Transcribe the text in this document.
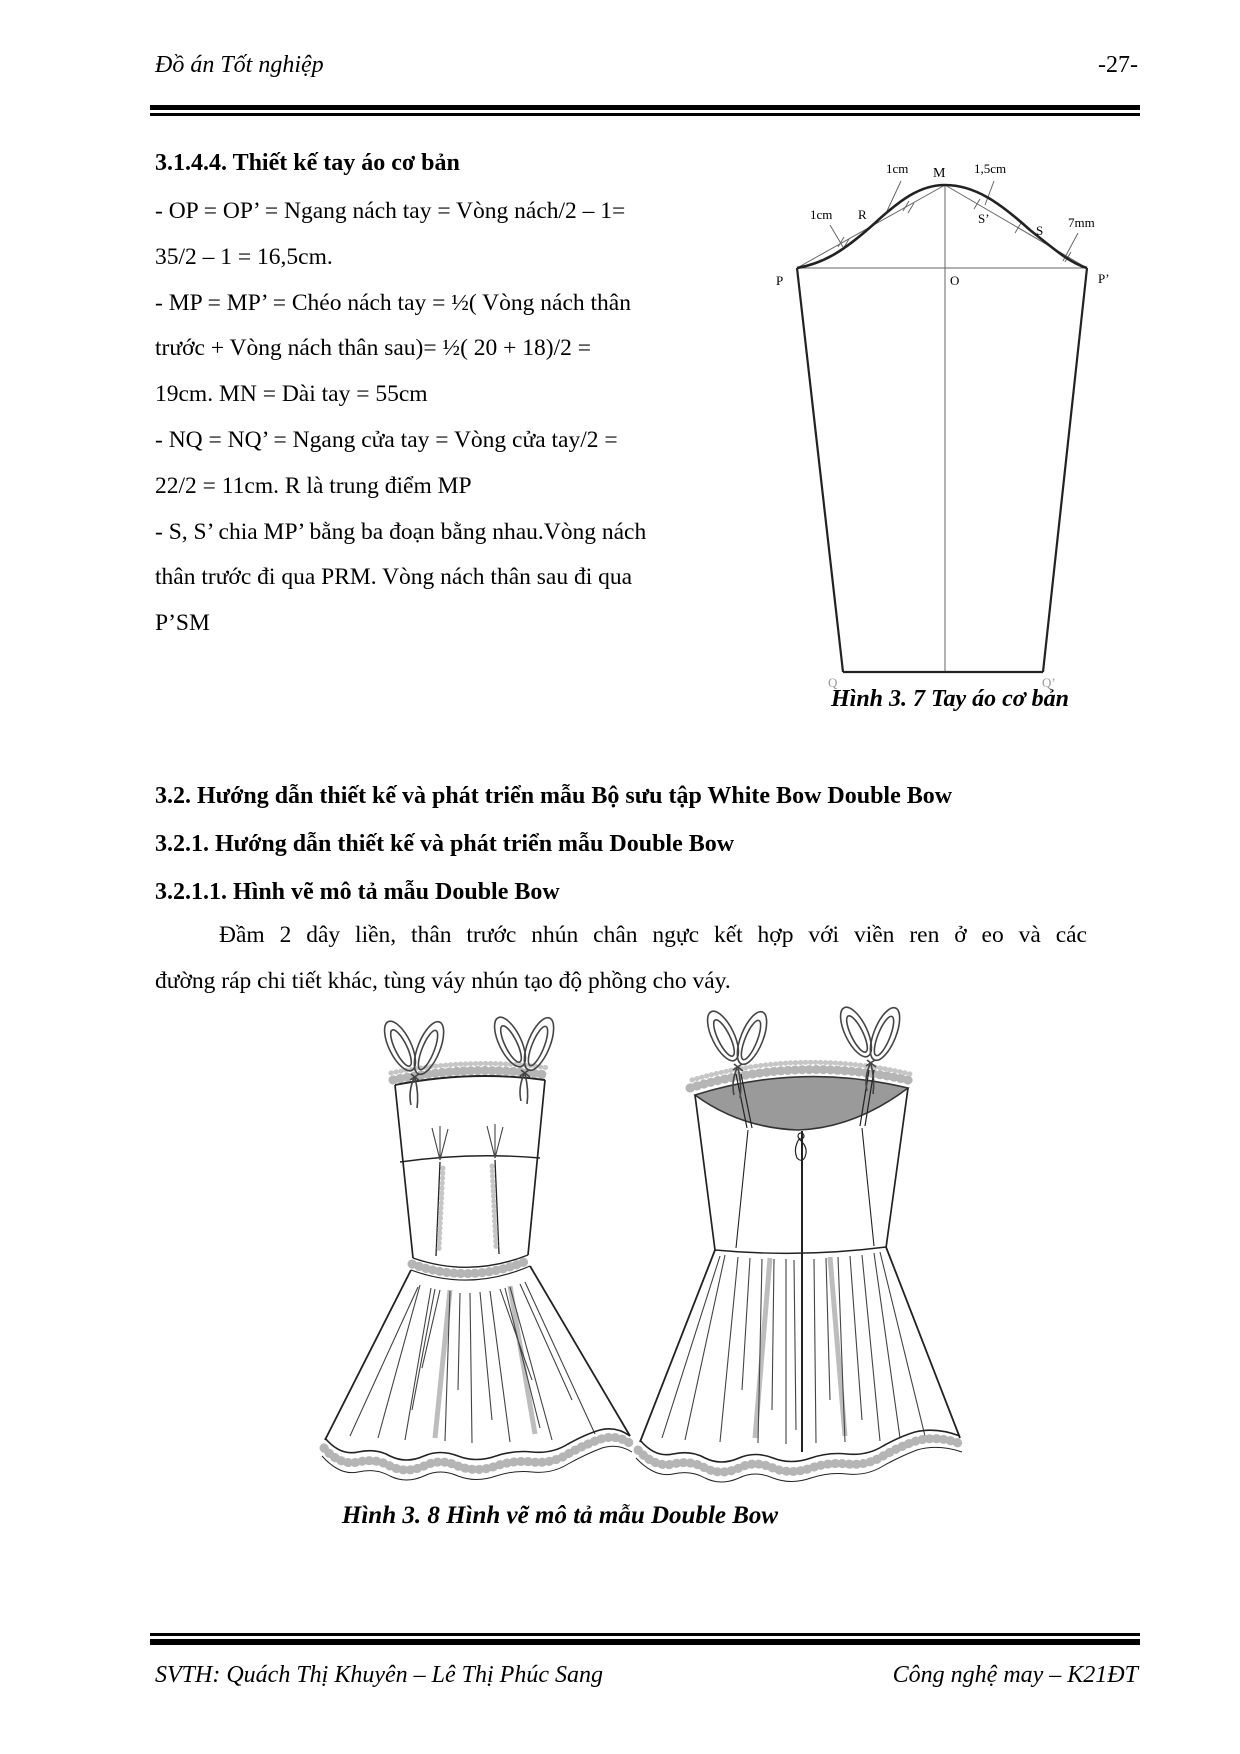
Đồ án Tốt nghiệp	-27-
3.1.4.4. Thiết kế tay áo cơ bản
- OP = OP’ = Ngang nách tay = Vòng nách/2 – 1=
35/2 – 1 = 16,5cm.
- MP = MP’ = Chéo nách tay = ½( Vòng nách thân
trước + Vòng nách thân sau)= ½( 20 + 18)/2 =
19cm. MN = Dài tay = 55cm
- NQ = NQ’ = Ngang cửa tay = Vòng cửa tay/2 =
22/2 = 11cm. R là trung điểm MP
- S, S’ chia MP’ bằng ba đoạn bằng nhau.Vòng nách
thân trước đi qua PRM. Vòng nách thân sau đi qua
P’SM
M
R	S’
S
P	O	P’
Q	Q’
1cm	1,5cm
1cm
7mm
Hình 3. 7 Tay áo cơ bản
3.2. Hướng dẫn thiết kế và phát triển mẫu Bộ sưu tập White Bow Double Bow
3.2.1. Hướng dẫn thiết kế và phát triển mẫu Double Bow
3.2.1.1. Hình vẽ mô tả mẫu Double Bow
Đầm 2 dây liền, thân trước nhún chân ngực kết hợp với viền ren ở eo và các
đường ráp chi tiết khác, tùng váy nhún tạo độ phồng cho váy.
Hình 3. 8 Hình vẽ mô tả mẫu Double Bow
SVTH: Quách Thị Khuyên – Lê Thị Phúc Sang	Công nghệ may – K21ĐT
